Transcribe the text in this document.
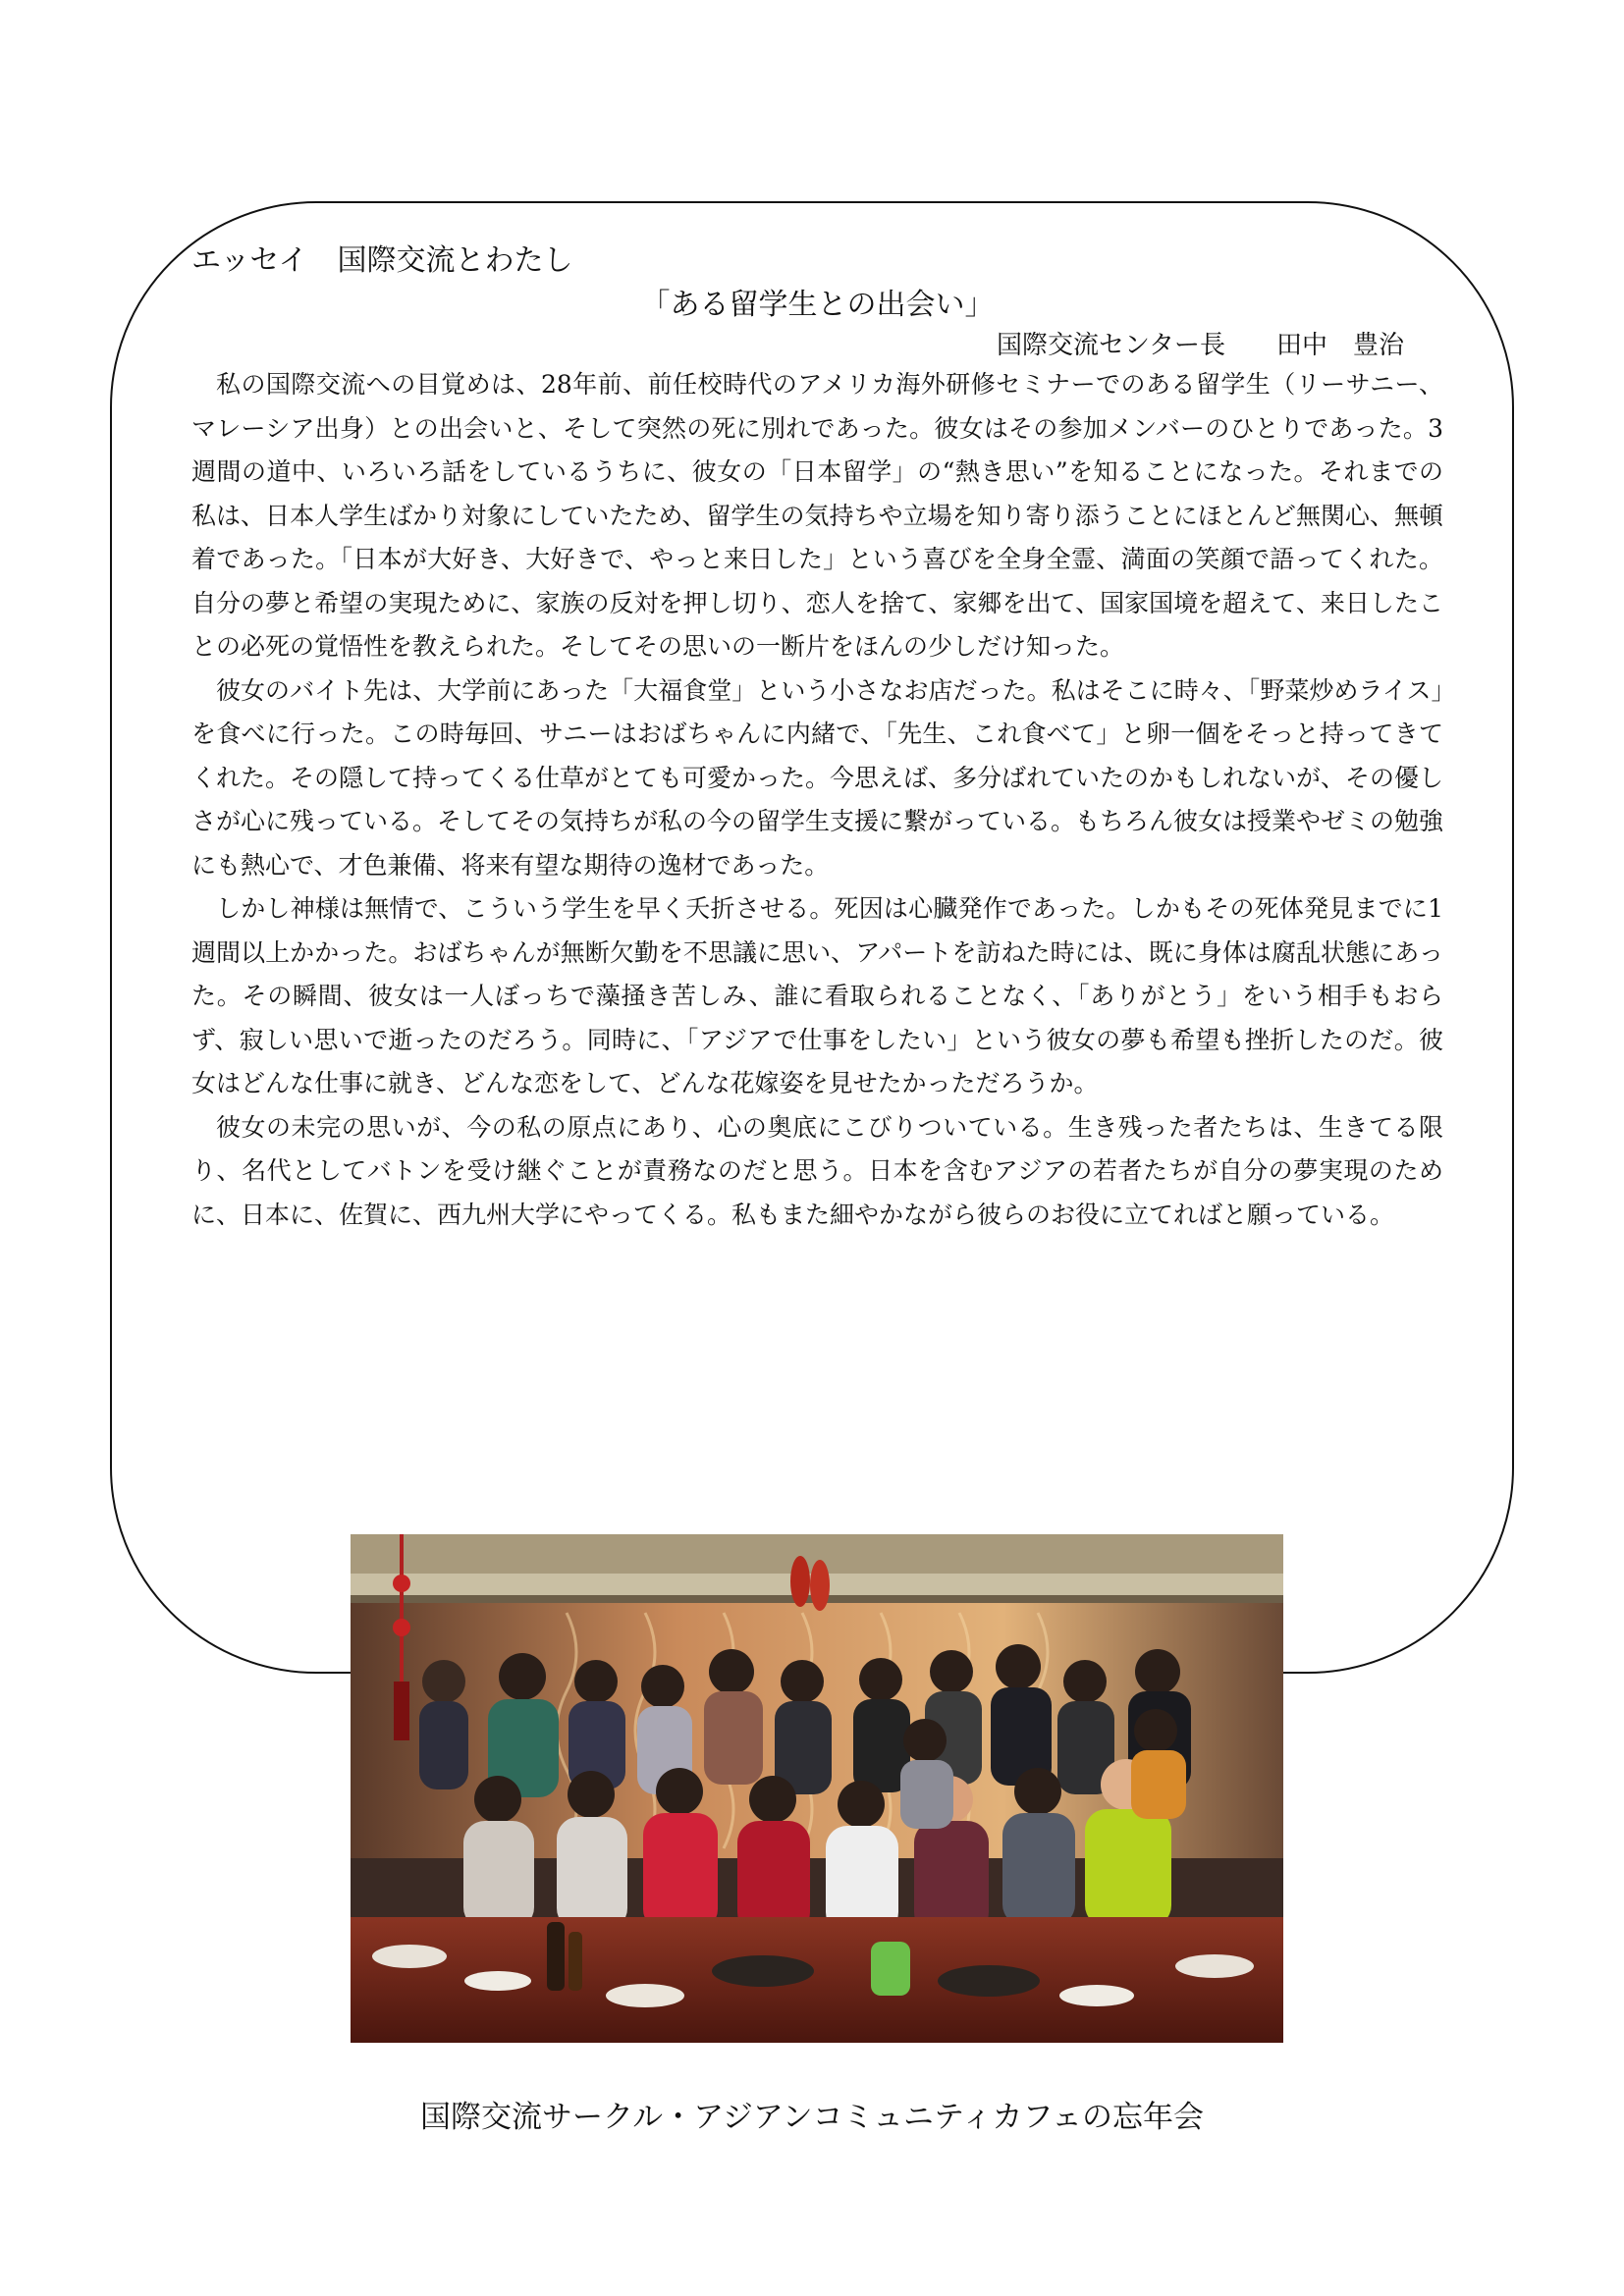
エッセイ　国際交流とわたし

「ある留学生との出会い」

国際交流センター長　　田中　豊治

私の国際交流への目覚めは、28年前、前任校時代のアメリカ海外研修セミナーでのある留学生（リーサニー、マレーシア出身）との出会いと、そして突然の死に別れであった。彼女はその参加メンバーのひとりであった。3週間の道中、いろいろ話をしているうちに、彼女の「日本留学」の“熱き思い”を知ることになった。それまでの私は、日本人学生ばかり対象にしていたため、留学生の気持ちや立場を知り寄り添うことにほとんど無関心、無頓着であった。「日本が大好き、大好きで、やっと来日した」という喜びを全身全霊、満面の笑顔で語ってくれた。自分の夢と希望の実現ために、家族の反対を押し切り、恋人を捨て、家郷を出て、国家国境を超えて、来日したことの必死の覚悟性を教えられた。そしてその思いの一断片をほんの少しだけ知った。

彼女のバイト先は、大学前にあった「大福食堂」という小さなお店だった。私はそこに時々、「野菜炒めライス」を食べに行った。この時毎回、サニーはおばちゃんに内緒で、「先生、これ食べて」と卵一個をそっと持ってきてくれた。その隠して持ってくる仕草がとても可愛かった。今思えば、多分ばれていたのかもしれないが、その優しさが心に残っている。そしてその気持ちが私の今の留学生支援に繋がっている。もちろん彼女は授業やゼミの勉強にも熱心で、才色兼備、将来有望な期待の逸材であった。

しかし神様は無情で、こういう学生を早く夭折させる。死因は心臓発作であった。しかもその死体発見までに1週間以上かかった。おばちゃんが無断欠勤を不思議に思い、アパートを訪ねた時には、既に身体は腐乱状態にあった。その瞬間、彼女は一人ぼっちで藻掻き苦しみ、誰に看取られることなく、「ありがとう」をいう相手もおらず、寂しい思いで逝ったのだろう。同時に、「アジアで仕事をしたい」という彼女の夢も希望も挫折したのだ。彼女はどんな仕事に就き、どんな恋をして、どんな花嫁姿を見せたかっただろうか。

彼女の未完の思いが、今の私の原点にあり、心の奥底にこびりついている。生き残った者たちは、生きてる限り、名代としてバトンを受け継ぐことが責務なのだと思う。日本を含むアジアの若者たちが自分の夢実現のために、日本に、佐賀に、西九州大学にやってくる。私もまた細やかながら彼らのお役に立てればと願っている。

国際交流サークル・アジアンコミュニティカフェの忘年会
